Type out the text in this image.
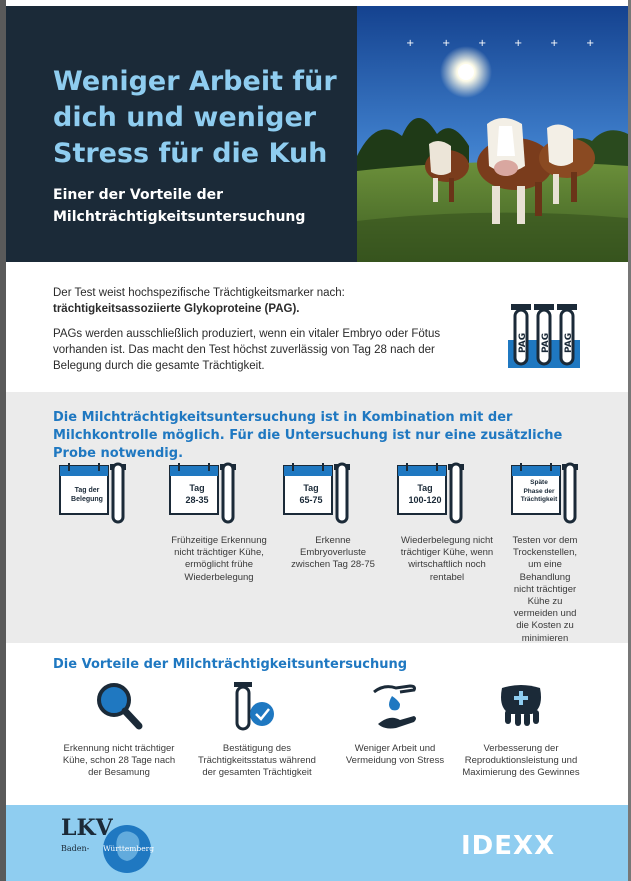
Weniger Arbeit für dich und weniger Stress für die Kuh
Einer der Vorteile der Milchträchtigkeitsuntersuchung
+	+	+	+	+	+
Der Test weist hochspezifische Trächtigkeitsmarker nach:
trächtigkeitsassoziierte Glykoproteine (PAG).
PAGs werden ausschließlich produziert, wenn ein vitaler Embryo oder Fötus vorhanden ist. Das macht den Test höchst zuverlässig von Tag 28 nach der Belegung durch die gesamte Trächtigkeit.
PAG PAG PAG
Die Milchträchtigkeitsuntersuchung ist in Kombination mit der Milchkontrolle möglich. Für die Untersuchung ist nur eine zusätzliche Probe notwendig.
Tag der
Belegung
Tag
28-35
Frühzeitige Erkennung nicht trächtiger Kühe, ermöglicht frühe Wiederbelegung
Tag
65-75
Erkenne Embryoverluste zwischen Tag 28-75
Tag
100-120
Wiederbelegung nicht trächtiger Kühe, wenn wirtschaftlich noch rentabel
Späte
Phase der
Trächtigkeit
Testen vor dem Trockenstellen, um eine Behandlung nicht trächtiger Kühe zu vermeiden und die Kosten zu minimieren
Die Vorteile der Milchträchtigkeitsuntersuchung
Erkennung nicht trächtiger Kühe, schon 28 Tage nach der Besamung
Bestätigung des Trächtigkeitsstatus während der gesamten Trächtigkeit
Weniger Arbeit und Vermeidung von Stress
Verbesserung der Reproduktionsleistung und Maximierung des Gewinnes
LKV
Baden- Württemberg	IDEXX
